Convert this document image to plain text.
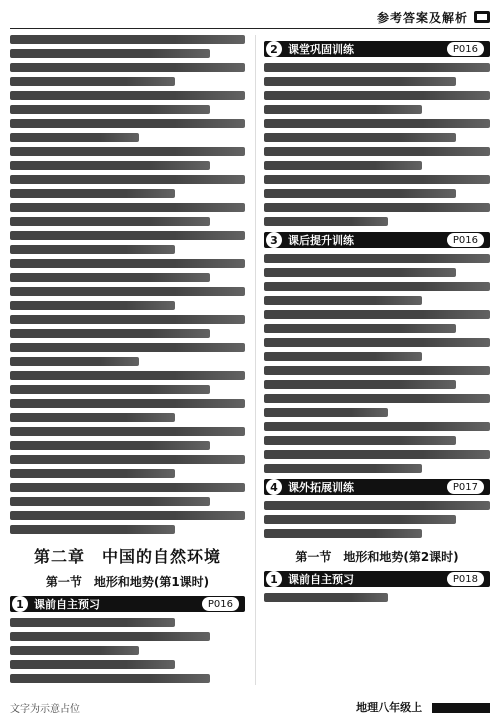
参考答案及解析
第二章　中国的自然环境
第一节　地形和地势(第1课时)
1 课前自主预习	P016
2 课堂巩固训练	P016
3 课后提升训练	P016
4 课外拓展训练	P017
第一节　地形和地势(第2课时)
1 课前自主预习	P018
文字为示意占位	地理八年级上
